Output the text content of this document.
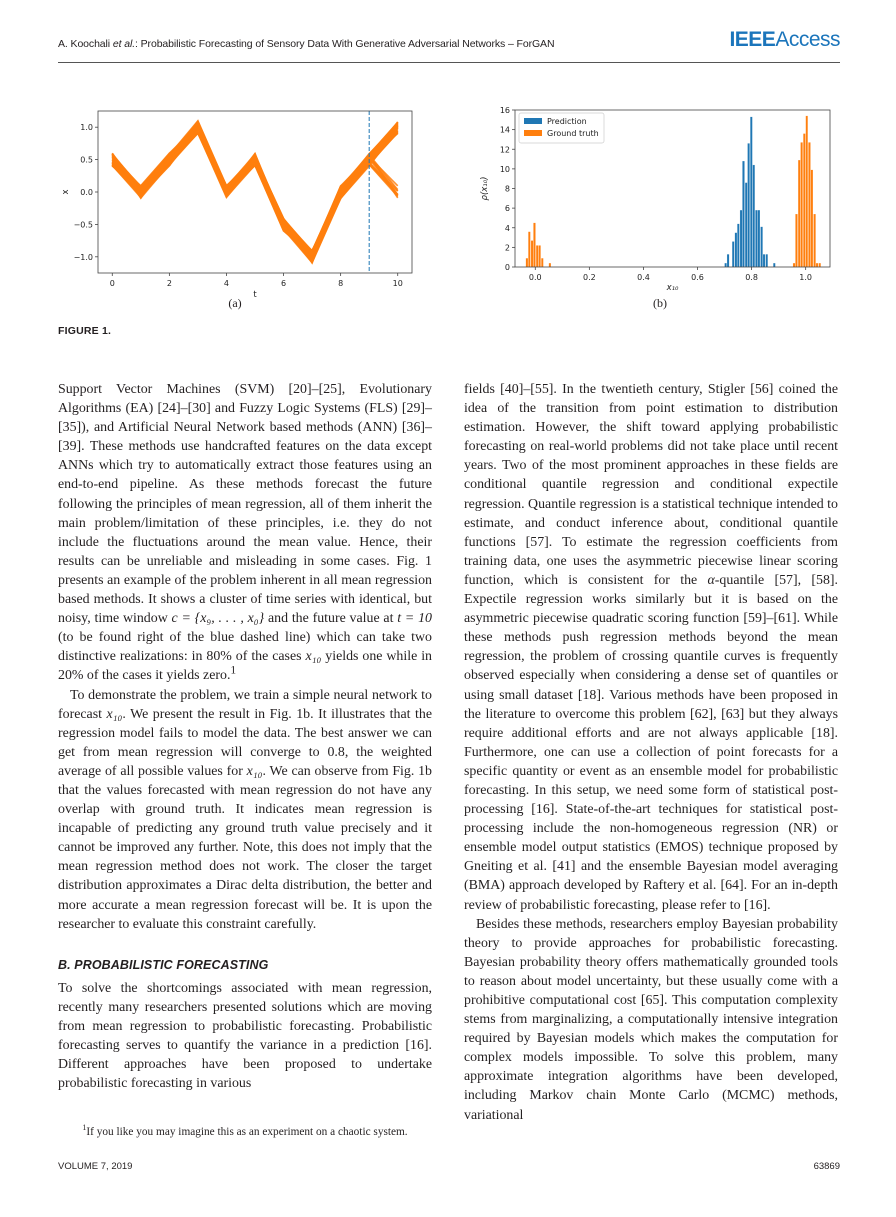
A. Koochali et al.: Probabilistic Forecasting of Sensory Data With Generative Adversarial Networks – ForGAN	IEEEAccess
0	2	4	6	8	10
−1.0
−0.5
0.0
0.5
1.0
t
x
(a)
0.0	0.2	0.4	0.6	0.8	1.0
0
2
4
6
8
10
12
14
16
x₁₀
ρ(x₁₀)
Prediction
Ground truth
(b)
FIGURE 1.

Support Vector Machines (SVM) [20]–[25], Evolutionary Algorithms (EA) [24]–[30] and Fuzzy Logic Systems (FLS) [29]–[35]), and Artificial Neural Network based methods (ANN) [36]–[39]. These methods use handcrafted features on the data except ANNs which try to automatically extract those features using an end-to-end pipeline. As these methods forecast the future following the principles of mean regression, all of them inherit the main problem/limitation of these principles, i.e. they do not include the fluctuations around the mean value. Hence, their results can be unreliable and misleading in some cases. Fig. 1 presents an example of the problem inherent in all mean regression based methods. It shows a cluster of time series with identical, but noisy, time window c = {x₉, . . . , x₀} and the future value at t = 10 (to be found right of the blue dashed line) which can take two distinctive realizations: in 80% of the cases x₁₀ yields one while in 20% of the cases it yields zero.$^1$

To demonstrate the problem, we train a simple neural network to forecast x₁₀. We present the result in Fig. 1b. It illustrates that the regression model fails to model the data. The best answer we can get from mean regression will converge to 0.8, the weighted average of all possible values for x₁₀. We can observe from Fig. 1b that the values forecasted with mean regression do not have any overlap with ground truth. It indicates mean regression is incapable of predicting any ground truth value precisely and it cannot be improved any further. Note, this does not imply that the mean regression method does not work. The closer the target distribution approximates a Dirac delta distribution, the better and more accurate a mean regression forecast will be. It is upon the researcher to evaluate this constraint carefully.

B. PROBABILISTIC FORECASTING

To solve the shortcomings associated with mean regression, recently many researchers presented solutions which are moving from mean regression to probabilistic forecasting. Probabilistic forecasting serves to quantify the variance in a prediction [16]. Different approaches have been proposed to undertake probabilistic forecasting in various

$^1$If you like you may imagine this as an experiment on a chaotic system.

fields [40]–[55]. In the twentieth century, Stigler [56] coined the idea of the transition from point estimation to distribution estimation. However, the shift toward applying probabilistic forecasting on real-world problems did not take place until recent years. Two of the most prominent approaches in these fields are conditional quantile regression and conditional expectile regression. Quantile regression is a statistical technique intended to estimate, and conduct inference about, conditional quantile functions [57]. To estimate the regression coefficients from training data, one uses the asymmetric piecewise linear scoring function, which is consistent for the α-quantile [57], [58]. Expectile regression works similarly but it is based on the asymmetric piecewise quadratic scoring function [59]–[61]. While these methods push regression methods beyond the mean regression, the problem of crossing quantile curves is frequently observed especially when considering a dense set of quantiles or using small dataset [18]. Various methods have been proposed in the literature to overcome this problem [62], [63] but they always require additional efforts and are not always applicable [18]. Furthermore, one can use a collection of point forecasts for a specific quantity or event as an ensemble model for probabilistic forecasting. In this setup, we need some form of statistical post-processing [16]. State-of-the-art techniques for statistical post-processing include the non-homogeneous regression (NR) or ensemble model output statistics (EMOS) technique proposed by Gneiting et al. [41] and the ensemble Bayesian model averaging (BMA) approach developed by Raftery et al. [64]. For an in-depth review of probabilistic forecasting, please refer to [16].

Besides these methods, researchers employ Bayesian probability theory to provide approaches for probabilistic forecasting. Bayesian probability theory offers mathematically grounded tools to reason about model uncertainty, but these usually come with a prohibitive computational cost [65]. This computation complexity stems from marginalizing, a computationally intensive integration required by Bayesian models which makes the computation for complex models impossible. To solve this problem, many approximate integration algorithms have been developed, including Markov chain Monte Carlo (MCMC) methods, variational

VOLUME 7, 2019	63869
